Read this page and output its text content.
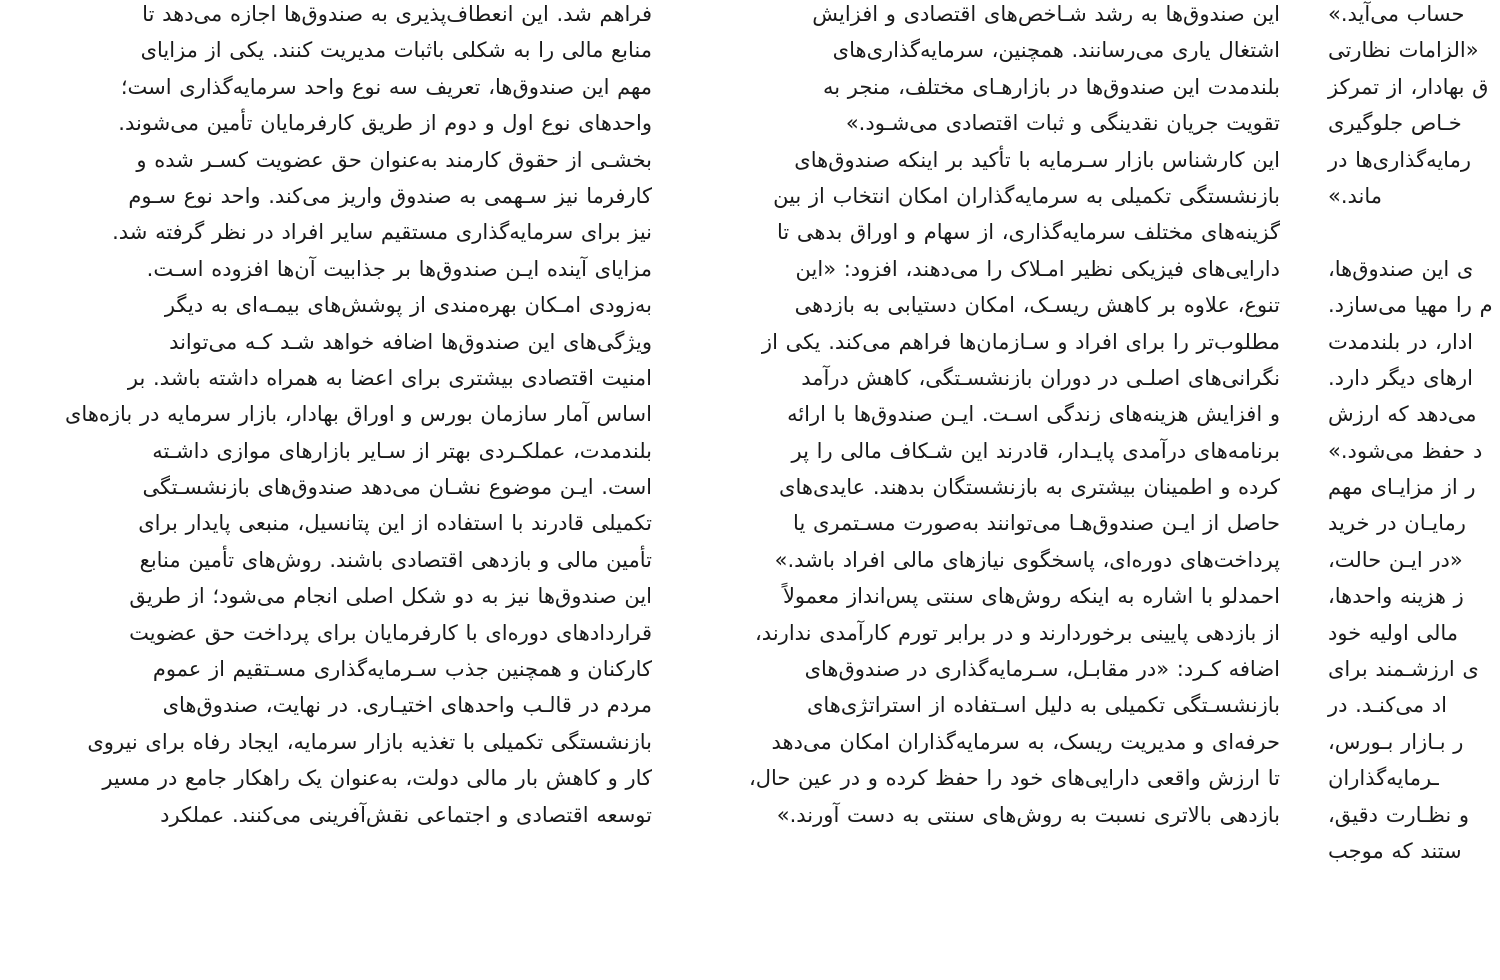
حساب می‌آید.»
«الزامات نظارتی
ق بهادار، از تمرکز
خـاص جلوگیری
رمایه‌گذاری‌ها در
ماند.»
ی این صندوق‌ها،
م را مهیا می‌سازد.
ادار، در بلندمدت
ارهای دیگر دارد.
می‌دهد که ارزش
د حفظ می‌شود.»
ر از مزایـای مهم
رمایـان در خرید
«در ایـن حالت،
ز هزینه واحدها،
مالی اولیه خود
ی ارزشـمند برای
اد می‌کنـد. در
ر بـازار بـورس،
ـرمایه‌گذاران
و نظـارت دقیق،
ستند که موجب
این صندوق‌ها به رشد شـاخص‌های اقتصادی و افزایش
اشتغال یاری می‌رسانند. همچنین، سرمایه‌گذاری‌های
بلندمدت این صندوق‌ها در بازارهـای مختلف، منجر به
تقویت جریان نقدینگی و ثبات اقتصادی می‌شـود.»
این کارشناس بازار سـرمایه با تأکید بر اینکه صندوق‌های
بازنشستگی تکمیلی به سرمایه‌گذاران امکان انتخاب از بین
گزینه‌های مختلف سرمایه‌گذاری، از سهام و اوراق بدهی تا
دارایی‌های فیزیکی نظیر امـلاک را می‌دهند، افزود: «این
تنوع، علاوه بر کاهش ریسـک، امکان دستیابی به بازدهی
مطلوب‌تر را برای افراد و سـازمان‌ها فراهم می‌کند. یکی از
نگرانی‌های اصلـی در دوران بازنشسـتگی، کاهش درآمد
و افزایش هزینه‌های زندگی اسـت. ایـن صندوق‌ها با ارائه
برنامه‌های درآمدی پایـدار، قادرند این شـکاف مالی را پر
کرده و اطمینان بیشتری به بازنشستگان بدهند. عایدی‌های
حاصل از ایـن صندوق‌هـا می‌توانند به‌صورت مسـتمری یا
پرداخت‌های دوره‌ای، پاسخگوی نیازهای مالی افراد باشد.»
احمدلو با اشاره به اینکه روش‌های سنتی پس‌انداز معمولاً
از بازدهی پایینی برخوردارند و در برابر تورم کارآمدی ندارند،
اضافه کـرد: «در مقابـل، سـرمایه‌گذاری در صندوق‌های
بازنشسـتگی تکمیلی به دلیل اسـتفاده از استراتژی‌های
حرفه‌ای و مدیریت ریسک، به سرمایه‌گذاران امکان می‌دهد
تا ارزش واقعی دارایی‌های خود را حفظ کرده و در عین حال،
بازدهی بالاتری نسبت به روش‌های سنتی به دست آورند.»
فراهم شد. این انعطاف‌پذیری به صندوق‌ها اجازه می‌دهد تا
منابع مالی را به شکلی باثبات مدیریت کنند. یکی از مزایای
مهم این صندوق‌ها، تعریف سه نوع واحد سرمایه‌گذاری است؛
واحدهای نوع اول و دوم از طریق کارفرمایان تأمین می‌شوند.
بخشـی از حقوق کارمند به‌عنوان حق عضویت کسـر شده و
کارفرما نیز سـهمی به صندوق واریز می‌کند. واحد نوع سـوم
نیز برای سرمایه‌گذاری مستقیم سایر افراد در نظر گرفته شد.
مزایای آینده ایـن صندوق‌ها بر جذابیت آن‌ها افزوده اسـت.
به‌زودی امـکان بهره‌مندی از پوشش‌های بیمـه‌ای به دیگر
ویژگی‌های این صندوق‌ها اضافه خواهد شـد کـه می‌تواند
امنیت اقتصادی بیشتری برای اعضا به همراه داشته باشد. بر
اساس آمار سازمان بورس و اوراق بهادار، بازار سرمایه در بازه‌های
بلندمدت، عملکـردی بهتر از سـایر بازارهای موازی داشـته
است. ایـن موضوع نشـان می‌دهد صندوق‌های بازنشسـتگی
تکمیلی قادرند با استفاده از این پتانسیل، منبعی پایدار برای
تأمین مالی و بازدهی اقتصادی باشند. روش‌های تأمین منابع
این صندوق‌ها نیز به دو شکل اصلی انجام می‌شود؛ از طریق
قراردادهای دوره‌ای با کارفرمایان برای پرداخت حق عضویت
کارکنان و همچنین جذب سـرمایه‌گذاری مسـتقیم از عموم
مردم در قالـب واحدهای اختیـاری. در نهایت، صندوق‌های
بازنشستگی تکمیلی با تغذیه بازار سرمایه، ایجاد رفاه برای نیروی
کار و کاهش بار مالی دولت، به‌عنوان یک راهکار جامع در مسیر
توسعه اقتصادی و اجتماعی نقش‌آفرینی می‌کنند. عملکرد
